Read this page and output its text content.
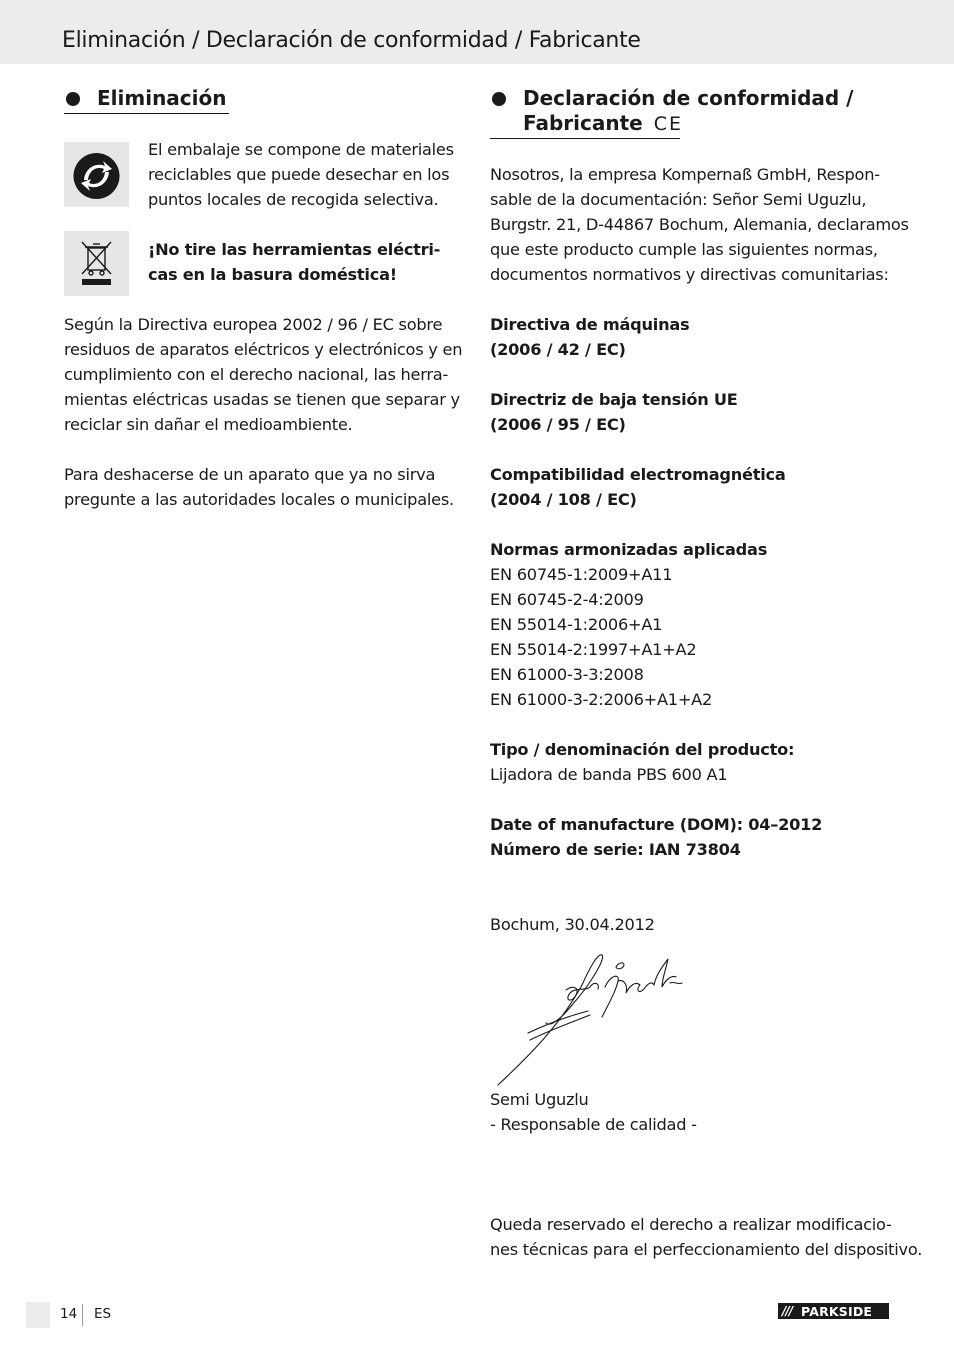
Eliminación / Declaración de conformidad / Fabricante
Eliminación
El embalaje se compone de materiales
reciclables que puede desechar en los
puntos locales de recogida selectiva.
¡No tire las herramientas eléctri-
cas en la basura doméstica!
Según la Directiva europea 2002 / 96 / EC sobre
residuos de aparatos eléctricos y electrónicos y en
cumplimiento con el derecho nacional, las herra-
mientas eléctricas usadas se tienen que separar y
reciclar sin dañar el medioambiente.
Para deshacerse de un aparato que ya no sirva
pregunte a las autoridades locales o municipales.
Declaración de conformidad /
Fabricante CE
Nosotros, la empresa Kompernaß GmbH, Respon-
sable de la documentación: Señor Semi Uguzlu,
Burgstr. 21, D-44867 Bochum, Alemania, declaramos
que este producto cumple las siguientes normas,
documentos normativos y directivas comunitarias:
Directiva de máquinas
(2006 / 42 / EC)
Directriz de baja tensión UE
(2006 / 95 / EC)
Compatibilidad electromagnética
(2004 / 108 / EC)
Normas armonizadas aplicadas
EN 60745-1:2009+A11
EN 60745-2-4:2009
EN 55014-1:2006+A1
EN 55014-2:1997+A1+A2
EN 61000-3-3:2008
EN 61000-3-2:2006+A1+A2
Tipo / denominación del producto:
Lijadora de banda PBS 600 A1
Date of manufacture (DOM): 04–2012
Número de serie: IAN 73804
Bochum, 30.04.2012
Semi Uguzlu
- Responsable de calidad -
Queda reservado el derecho a realizar modificacio-
nes técnicas para el perfeccionamiento del dispositivo.
14 ES	/// PARKSIDE
